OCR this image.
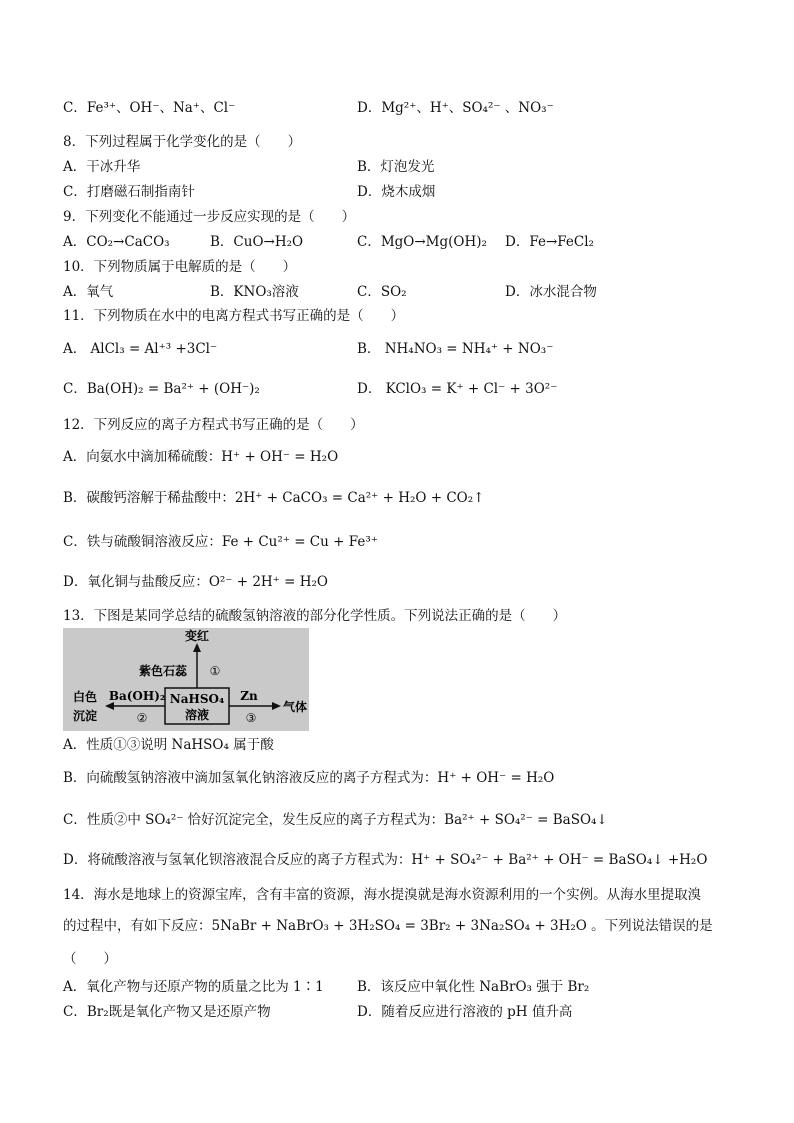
C．Fe³⁺、OH⁻、Na⁺、Cl⁻	D．Mg²⁺、H⁺、SO₄²⁻ 、NO₃⁻
8．下列过程属于化学变化的是（　　）
A．干冰升华	B．灯泡发光
C．打磨磁石制指南针	D．烧木成烟
9．下列变化不能通过一步反应实现的是（　　）
A．CO₂→CaCO₃	B．CuO→H₂O	C．MgO→Mg(OH)₂ D．Fe→FeCl₂
10．下列物质属于电解质的是（　　）
A．氧气	B．KNO₃溶液	C．SO₂	D．冰水混合物
11．下列物质在水中的电离方程式书写正确的是（　　）
A． AlCl₃ = Al⁺³ +3Cl⁻	B． NH₄NO₃ = NH₄⁺ + NO₃⁻
C．Ba(OH)₂ = Ba²⁺ + (OH⁻)₂	D． KClO₃ = K⁺ + Cl⁻ + 3O²⁻
12．下列反应的离子方程式书写正确的是（　　）
A．向氨水中滴加稀硫酸：H⁺ + OH⁻ = H₂O
B．碳酸钙溶解于稀盐酸中：2H⁺ + CaCO₃ = Ca²⁺ + H₂O + CO₂↑
C．铁与硫酸铜溶液反应：Fe + Cu²⁺ = Cu + Fe³⁺
D．氧化铜与盐酸反应：O²⁻ + 2H⁺ = H₂O
13．下图是某同学总结的硫酸氢钠溶液的部分化学性质。下列说法正确的是（　　）
NaHSO₄
溶液
变红
紫色石蕊 ①
Ba(OH)₂
②
白色
沉淀
Zn
③
气体
A．性质①③说明 NaHSO₄ 属于酸
B．向硫酸氢钠溶液中滴加氢氧化钠溶液反应的离子方程式为：H⁺ + OH⁻ = H₂O
C．性质②中 SO₄²⁻ 恰好沉淀完全，发生反应的离子方程式为：Ba²⁺ + SO₄²⁻ = BaSO₄↓
D．将硫酸溶液与氢氧化钡溶液混合反应的离子方程式为：H⁺ + SO₄²⁻ + Ba²⁺ + OH⁻ = BaSO₄↓ +H₂O
14．海水是地球上的资源宝库，含有丰富的资源，海水提溴就是海水资源利用的一个实例。从海水里提取溴
的过程中，有如下反应：5NaBr + NaBrO₃ + 3H₂SO₄ = 3Br₂ + 3Na₂SO₄ + 3H₂O 。下列说法错误的是
（　　）
A．氧化产物与还原产物的质量之比为 1∶1 B．该反应中氧化性 NaBrO₃ 强于 Br₂
C．Br₂既是氧化产物又是还原产物	D．随着反应进行溶液的 pH 值升高
